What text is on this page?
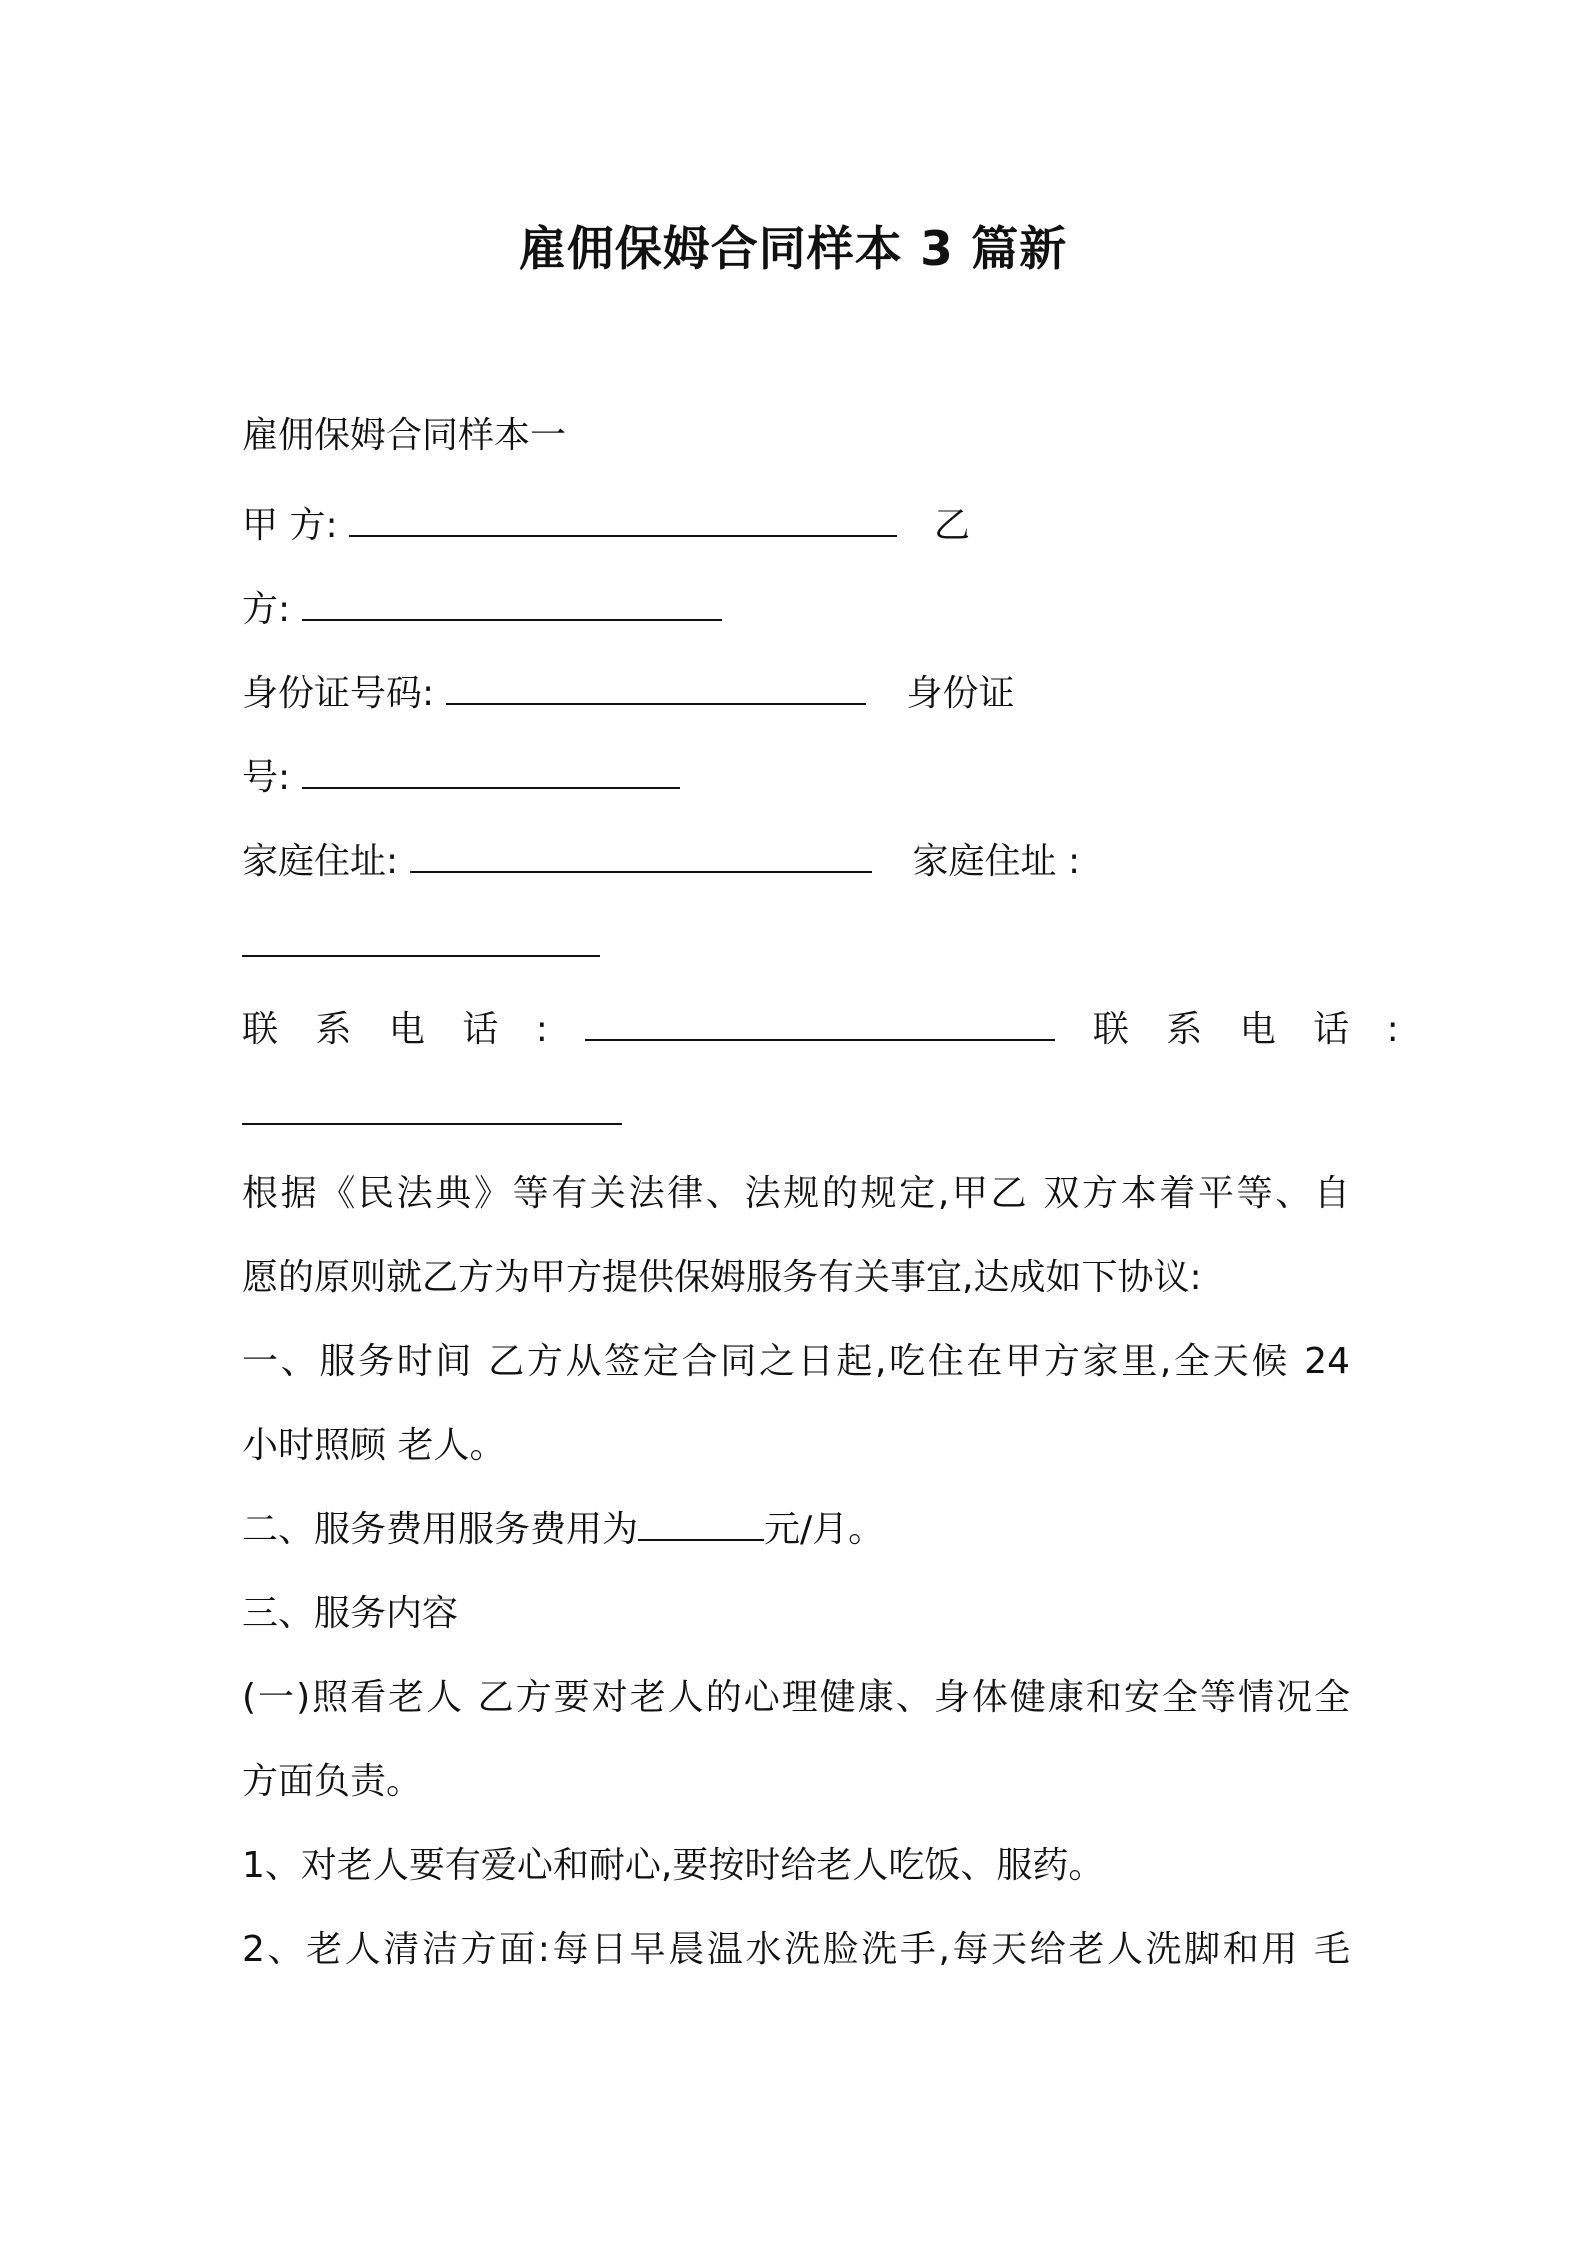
雇佣保姆合同样本 3 篇新
雇佣保姆合同样本一
甲 方:	乙
方:
身份证号码:	身份证
号:
家庭住址:	家庭住址 :
联 系 电 话 :	联 系 电 话 :
根据《民法典》等有关法律、法规的规定,甲乙 双方本着平等、自
愿的原则就乙方为甲方提供保姆服务有关事宜,达成如下协议:
一、服务时间 乙方从签定合同之日起,吃住在甲方家里,全天候 24
小时照顾 老人。
二、服务费用服务费用为	元/月。
三、服务内容
(一)照看老人 乙方要对老人的心理健康、身体健康和安全等情况全
方面负责。
1、对老人要有爱心和耐心,要按时给老人吃饭、服药。
2、老人清洁方面:每日早晨温水洗脸洗手,每天给老人洗脚和用 毛
